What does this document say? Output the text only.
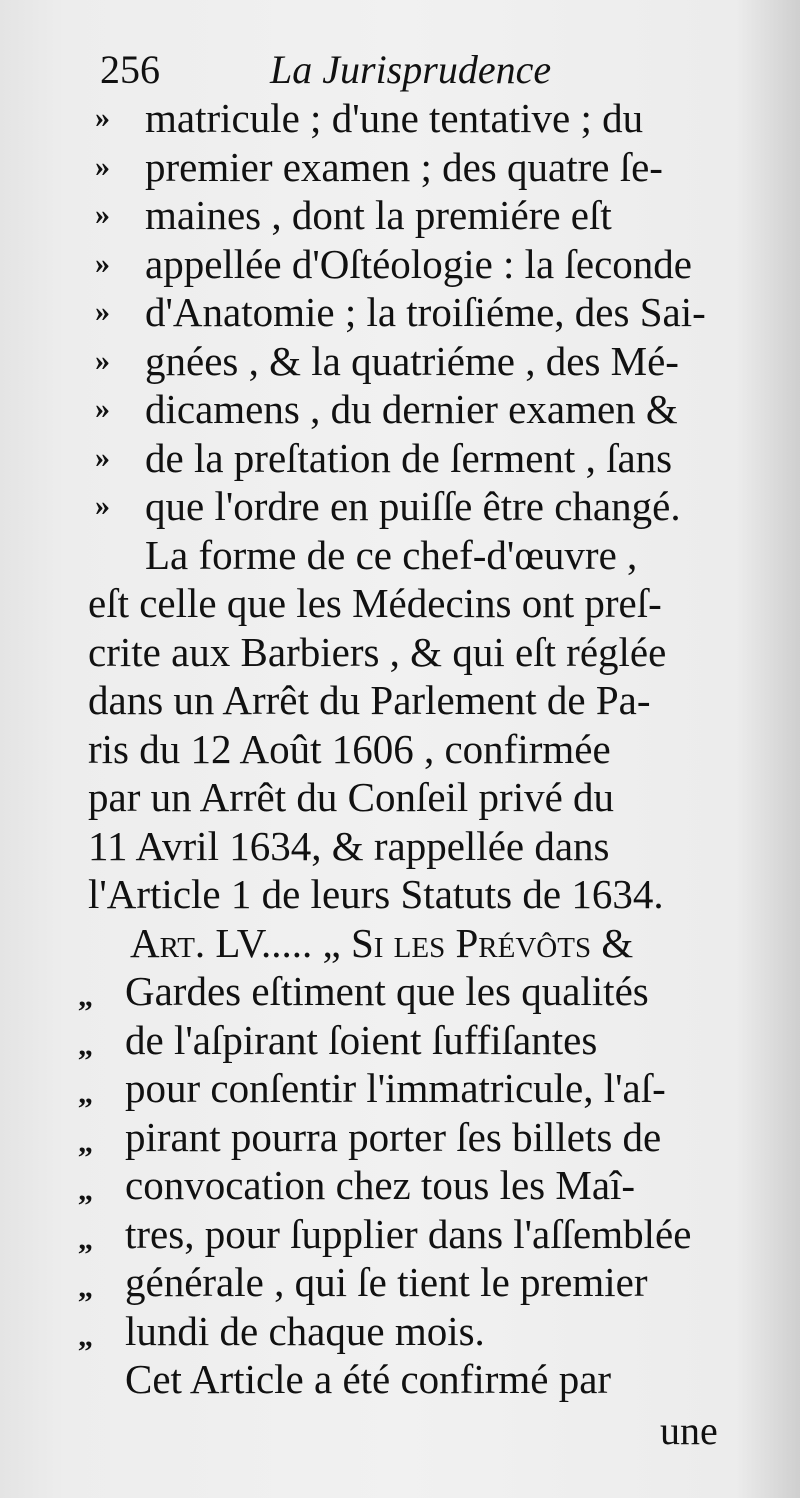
256	La Jurisprudence
» matricule ; d'une tentative ; du
» premier examen ; des quatre ſe-
» maines , dont la premiére eſt
» appellée d'Oſtéologie : la ſeconde
» d'Anatomie ; la troiſiéme, des Sai-
» gnées , & la quatriéme , des Mé-
» dicamens , du dernier examen &
» de la preſtation de ſerment , ſans
» que l'ordre en puiſſe être changé.
La forme de ce chef-d'œuvre ,
eſt celle que les Médecins ont preſ-
crite aux Barbiers , & qui eſt réglée
dans un Arrêt du Parlement de Pa-
ris du 12 Août 1606 , confirmée
par un Arrêt du Conſeil privé du
11 Avril 1634, & rappellée dans
l'Article 1 de leurs Statuts de 1634.
Art. LV..... „ Si les Prévôts &
„ Gardes eſtiment que les qualités
„ de l'aſpirant ſoient ſuffiſantes
„ pour conſentir l'immatricule, l'aſ-
„ pirant pourra porter ſes billets de
„ convocation chez tous les Maî-
„ tres, pour ſupplier dans l'aſſemblée
„ générale , qui ſe tient le premier
„ lundi de chaque mois.
Cet Article a été confirmé par
une
